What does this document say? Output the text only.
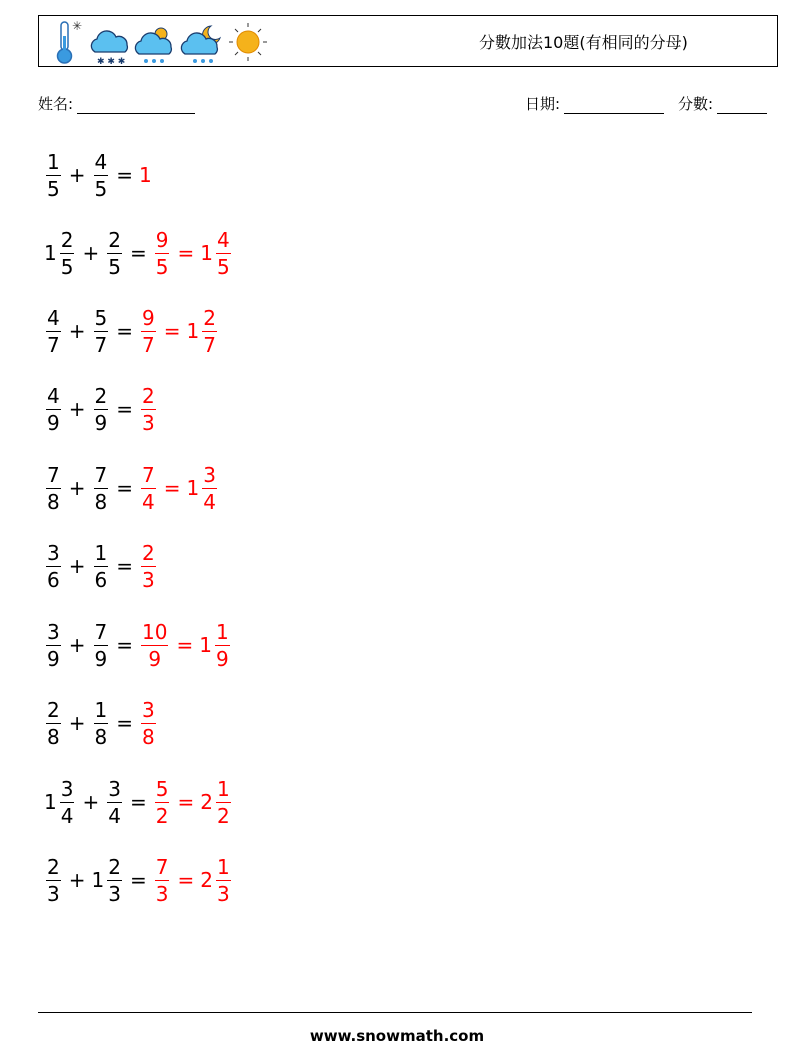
✳
✱ ✱ ✱
分數加法10題(有相同的分母)
姓名:	日期:	分數:
$\frac{1}{5} + \frac{4}{5} = 1$
$1 \frac{2}{5} + \frac{2}{5} = \frac{9}{5} = 1 \frac{4}{5}$
$\frac{4}{7} + \frac{5}{7} = \frac{9}{7} = 1 \frac{2}{7}$
$\frac{4}{9} + \frac{2}{9} = \frac{2}{3}$
$\frac{7}{8} + \frac{7}{8} = \frac{7}{4} = 1 \frac{3}{4}$
$\frac{3}{6} + \frac{1}{6} = \frac{2}{3}$
$\frac{3}{9} + \frac{7}{9} = \frac{10}{9} = 1 \frac{1}{9}$
$\frac{2}{8} + \frac{1}{8} = \frac{3}{8}$
$1 \frac{3}{4} + \frac{3}{4} = \frac{5}{2} = 2 \frac{1}{2}$
$\frac{2}{3} + 1 \frac{2}{3} = \frac{7}{3} = 2 \frac{1}{3}$
www.snowmath.com
